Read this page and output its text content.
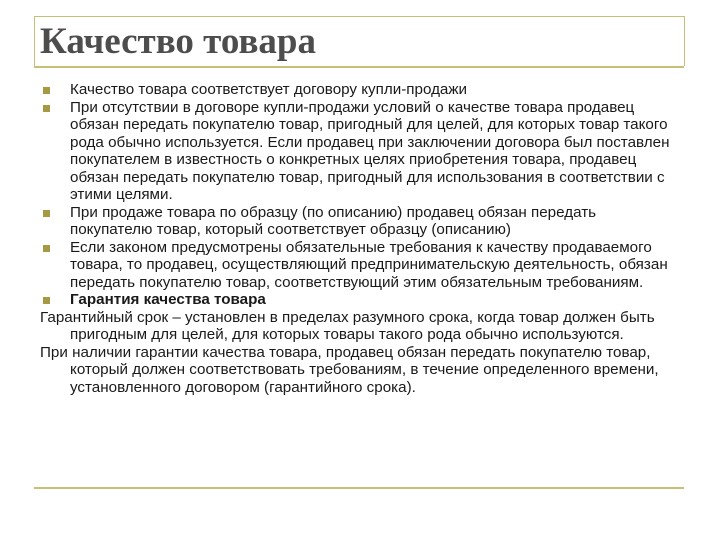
Качество товара

Качество товара соответствует договору купли-продажи

При отсутствии в договоре купли-продажи условий о качестве товара продавец обязан передать покупателю товар, пригодный для целей, для которых товар такого рода обычно используется. Если продавец при заключении договора был поставлен покупателем в известность о конкретных целях приобретения товара, продавец обязан передать покупателю товар, пригодный для использования в соответствии с этими целями.

При продаже товара по образцу (по описанию) продавец обязан передать покупателю товар, который соответствует образцу (описанию)

Если законом предусмотрены обязательные требования к качеству продаваемого товара, то продавец, осуществляющий предпринимательскую деятельность, обязан передать покупателю товар, соответствующий этим обязательным требованиям.

Гарантия качества товара

Гарантийный срок – установлен в пределах разумного срока, когда товар должен быть пригодным для целей, для которых товары такого рода обычно используются.

При наличии гарантии качества товара, продавец обязан передать покупателю товар, который должен соответствовать требованиям, в течение определенного времени, установленного договором (гарантийного срока).
